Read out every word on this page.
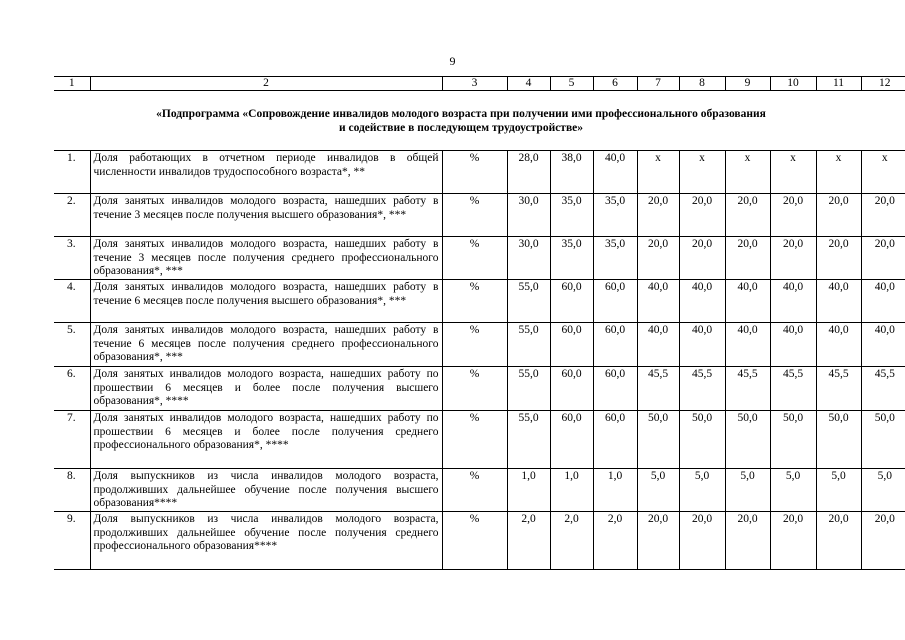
9
1	2	3	4	5	6	7	8	9	10	11	12
«Подпрограмма «Сопровождение инвалидов молодого возраста при получении ими профессионального образования
и содействие в последующем трудоустройстве»
1.	Доля работающих в отчетном периоде инвалидов в общей численности инвалидов трудоспособного возраста*, **	%	28,0	38,0	40,0	х	х	х	х	х	х
2.	Доля занятых инвалидов молодого возраста, нашедших работу в течение 3 месяцев после получения высшего образования*, ***	%	30,0	35,0	35,0	20,0	20,0	20,0	20,0	20,0	20,0
3.	Доля занятых инвалидов молодого возраста, нашедших работу в течение 3 месяцев после получения среднего профессионального образования*, ***	%	30,0	35,0	35,0	20,0	20,0	20,0	20,0	20,0	20,0
4.	Доля занятых инвалидов молодого возраста, нашедших работу в течение 6 месяцев после получения высшего образования*, ***	%	55,0	60,0	60,0	40,0	40,0	40,0	40,0	40,0	40,0
5.	Доля занятых инвалидов молодого возраста, нашедших работу в течение 6 месяцев после получения среднего профессионального образования*, ***	%	55,0	60,0	60,0	40,0	40,0	40,0	40,0	40,0	40,0
6.	Доля занятых инвалидов молодого возраста, нашедших работу по прошествии 6 месяцев и более после получения высшего образования*, ****	%	55,0	60,0	60,0	45,5	45,5	45,5	45,5	45,5	45,5
7.	Доля занятых инвалидов молодого возраста, нашедших работу по прошествии 6 месяцев и более после получения среднего профессионального образования*, ****	%	55,0	60,0	60,0	50,0	50,0	50,0	50,0	50,0	50,0
8.	Доля выпускников из числа инвалидов молодого возраста, продолживших дальнейшее обучение после получения высшего образования****	%	1,0	1,0	1,0	5,0	5,0	5,0	5,0	5,0	5,0
9.	Доля выпускников из числа инвалидов молодого возраста, продолживших дальнейшее обучение после получения среднего профессионального образования****	%	2,0	2,0	2,0	20,0	20,0	20,0	20,0	20,0	20,0
